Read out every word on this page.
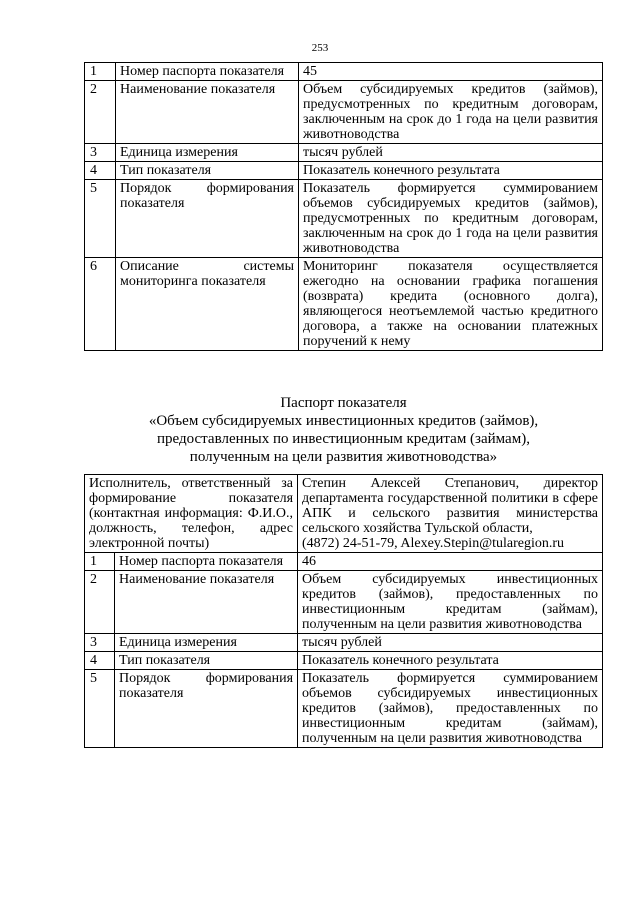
253
1	Номер паспорта показателя	45
2	Наименование показателя	Объем субсидируемых кредитов (займов), предусмотренных по кредитным договорам, заключенным на срок до 1 года на цели развития животноводства
3	Единица измерения	тысяч рублей
4	Тип показателя	Показатель конечного результата
5	Порядок формирования показателя	Показатель формируется суммированием объемов субсидируемых кредитов (займов), предусмотренных по кредитным договорам, заключенным на срок до 1 года на цели развития животноводства
6	Описание системы мониторинга показателя	Мониторинг показателя осуществляется ежегодно на основании графика погашения (возврата) кредита (основного долга), являющегося неотъемлемой частью кредитного договора, а также на основании платежных поручений к нему
Паспорт показателя
«Объем субсидируемых инвестиционных кредитов (займов),
предоставленных по инвестиционным кредитам (займам),
полученным на цели развития животноводства»
Исполнитель, ответственный за формирование показателя (контактная информация: Ф.И.О., должность, телефон, адрес электронной почты)		Степин Алексей Степанович, директор департамента государственной политики в сфере АПК и сельского развития министерства сельского хозяйства Тульской области,
(4872) 24-51-79, Alexey.Stepin@tularegion.ru

1	Номер паспорта показателя	46
2	Наименование показателя	Объем субсидируемых инвестиционных кредитов (займов), предоставленных по инвестиционным кредитам (займам), полученным на цели развития животноводства
3	Единица измерения	тысяч рублей
4	Тип показателя	Показатель конечного результата
5	Порядок формирования показателя	Показатель формируется суммированием объемов субсидируемых инвестиционных кредитов (займов), предоставленных по инвестиционным кредитам (займам), полученным на цели развития животноводства
